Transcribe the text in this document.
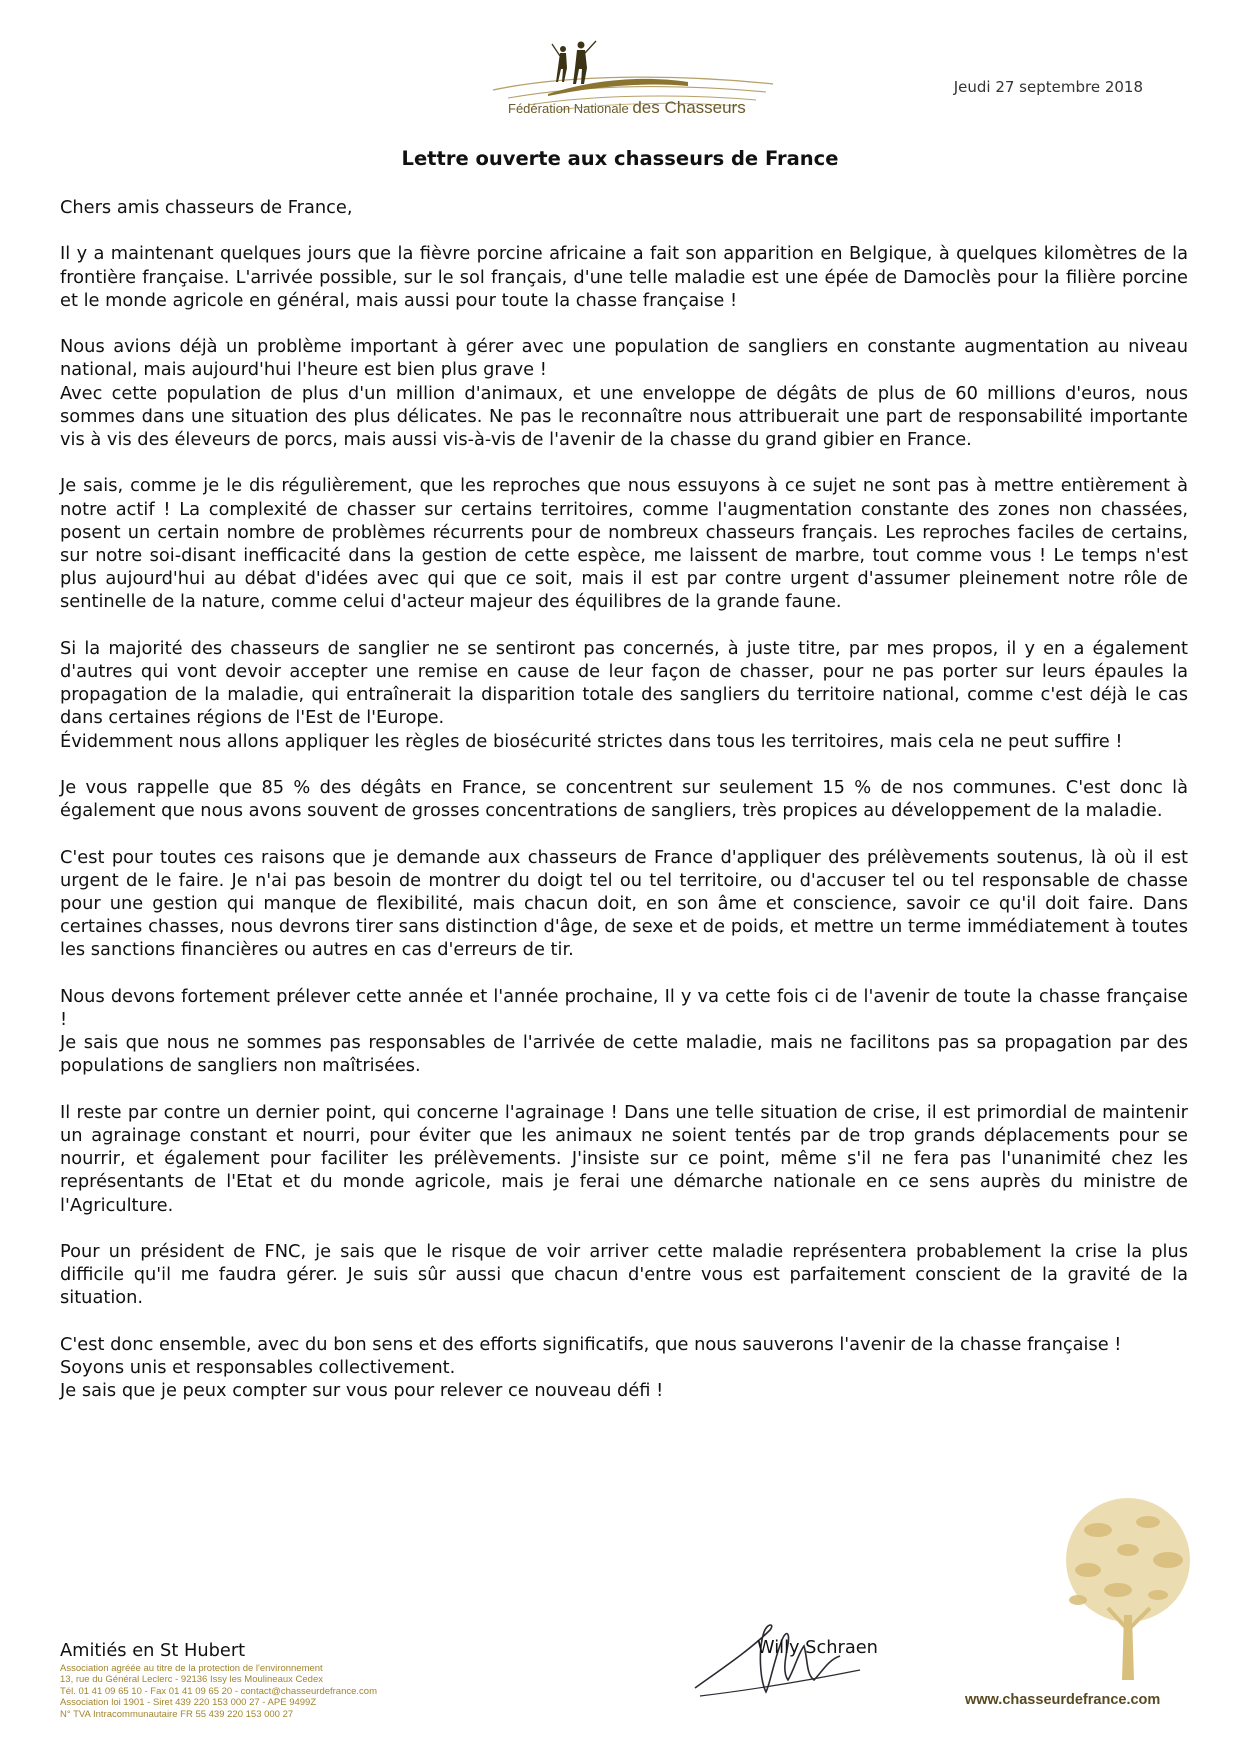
Fédération Nationale des Chasseurs
Jeudi 27 septembre 2018
Lettre ouverte aux chasseurs de France

Chers amis chasseurs de France,

Il y a maintenant quelques jours que la fièvre porcine africaine a fait son apparition en Belgique, à quelques kilomètres de la frontière française. L'arrivée possible, sur le sol français, d'une telle maladie est une épée de Damoclès pour la filière porcine et le monde agricole en général, mais aussi pour toute la chasse française !

Nous avions déjà un problème important à gérer avec une population de sangliers en constante augmentation au niveau national, mais aujourd'hui l'heure est bien plus grave !
Avec cette population de plus d'un million d'animaux, et une enveloppe de dégâts de plus de 60 millions d'euros, nous sommes dans une situation des plus délicates. Ne pas le reconnaître nous attribuerait une part de responsabilité importante vis à vis des éleveurs de porcs, mais aussi vis-à-vis de l'avenir de la chasse du grand gibier en France.

Je sais, comme je le dis régulièrement, que les reproches que nous essuyons à ce sujet ne sont pas à mettre entièrement à notre actif ! La complexité de chasser sur certains territoires, comme l'augmentation constante des zones non chassées, posent un certain nombre de problèmes récurrents pour de nombreux chasseurs français. Les reproches faciles de certains, sur notre soi-disant inefficacité dans la gestion de cette espèce, me laissent de marbre, tout comme vous ! Le temps n'est plus aujourd'hui au débat d'idées avec qui que ce soit, mais il est par contre urgent d'assumer pleinement notre rôle de sentinelle de la nature, comme celui d'acteur majeur des équilibres de la grande faune.

Si la majorité des chasseurs de sanglier ne se sentiront pas concernés, à juste titre, par mes propos, il y en a également d'autres qui vont devoir accepter une remise en cause de leur façon de chasser, pour ne pas porter sur leurs épaules la propagation de la maladie, qui entraînerait la disparition totale des sangliers du territoire national, comme c'est déjà le cas dans certaines régions de l'Est de l'Europe.
Évidemment nous allons appliquer les règles de biosécurité strictes dans tous les territoires, mais cela ne peut suffire !

Je vous rappelle que 85 % des dégâts en France, se concentrent sur seulement 15 % de nos communes. C'est donc là également que nous avons souvent de grosses concentrations de sangliers, très propices au développement de la maladie.

C'est pour toutes ces raisons que je demande aux chasseurs de France d'appliquer des prélèvements soutenus, là où il est urgent de le faire. Je n'ai pas besoin de montrer du doigt tel ou tel territoire, ou d'accuser tel ou tel responsable de chasse pour une gestion qui manque de flexibilité, mais chacun doit, en son âme et conscience, savoir ce qu'il doit faire. Dans certaines chasses, nous devrons tirer sans distinction d'âge, de sexe et de poids, et mettre un terme immédiatement à toutes les sanctions financières ou autres en cas d'erreurs de tir.

Nous devons fortement prélever cette année et l'année prochaine, Il y va cette fois ci de l'avenir de toute la chasse française !
Je sais que nous ne sommes pas responsables de l'arrivée de cette maladie, mais ne facilitons pas sa propagation par des populations de sangliers non maîtrisées.

Il reste par contre un dernier point, qui concerne l'agrainage ! Dans une telle situation de crise, il est primordial de maintenir un agrainage constant et nourri, pour éviter que les animaux ne soient tentés par de trop grands déplacements pour se nourrir, et également pour faciliter les prélèvements. J'insiste sur ce point, même s'il ne fera pas l'unanimité chez les représentants de l'Etat et du monde agricole, mais je ferai une démarche nationale en ce sens auprès du ministre de l'Agriculture.

Pour un président de FNC, je sais que le risque de voir arriver cette maladie représentera probablement la crise la plus difficile qu'il me faudra gérer. Je suis sûr aussi que chacun d'entre vous est parfaitement conscient de la gravité de la situation.

C'est donc ensemble, avec du bon sens et des efforts significatifs, que nous sauverons l'avenir de la chasse française ! Soyons unis et responsables collectivement.
Je sais que je peux compter sur vous pour relever ce nouveau défi !

Amitiés en St Hubert	Willy Schraen
Association agréée au titre de la protection de l'environnement
13, rue du Général Leclerc - 92136 Issy les Moulineaux Cedex
Tél. 01 41 09 65 10 - Fax 01 41 09 65 20 - contact@chasseurdefrance.com
Association loi 1901 - Siret 439 220 153 000 27 - APE 9499Z
N° TVA Intracommunautaire FR 55 439 220 153 000 27
www.chasseurdefrance.com
